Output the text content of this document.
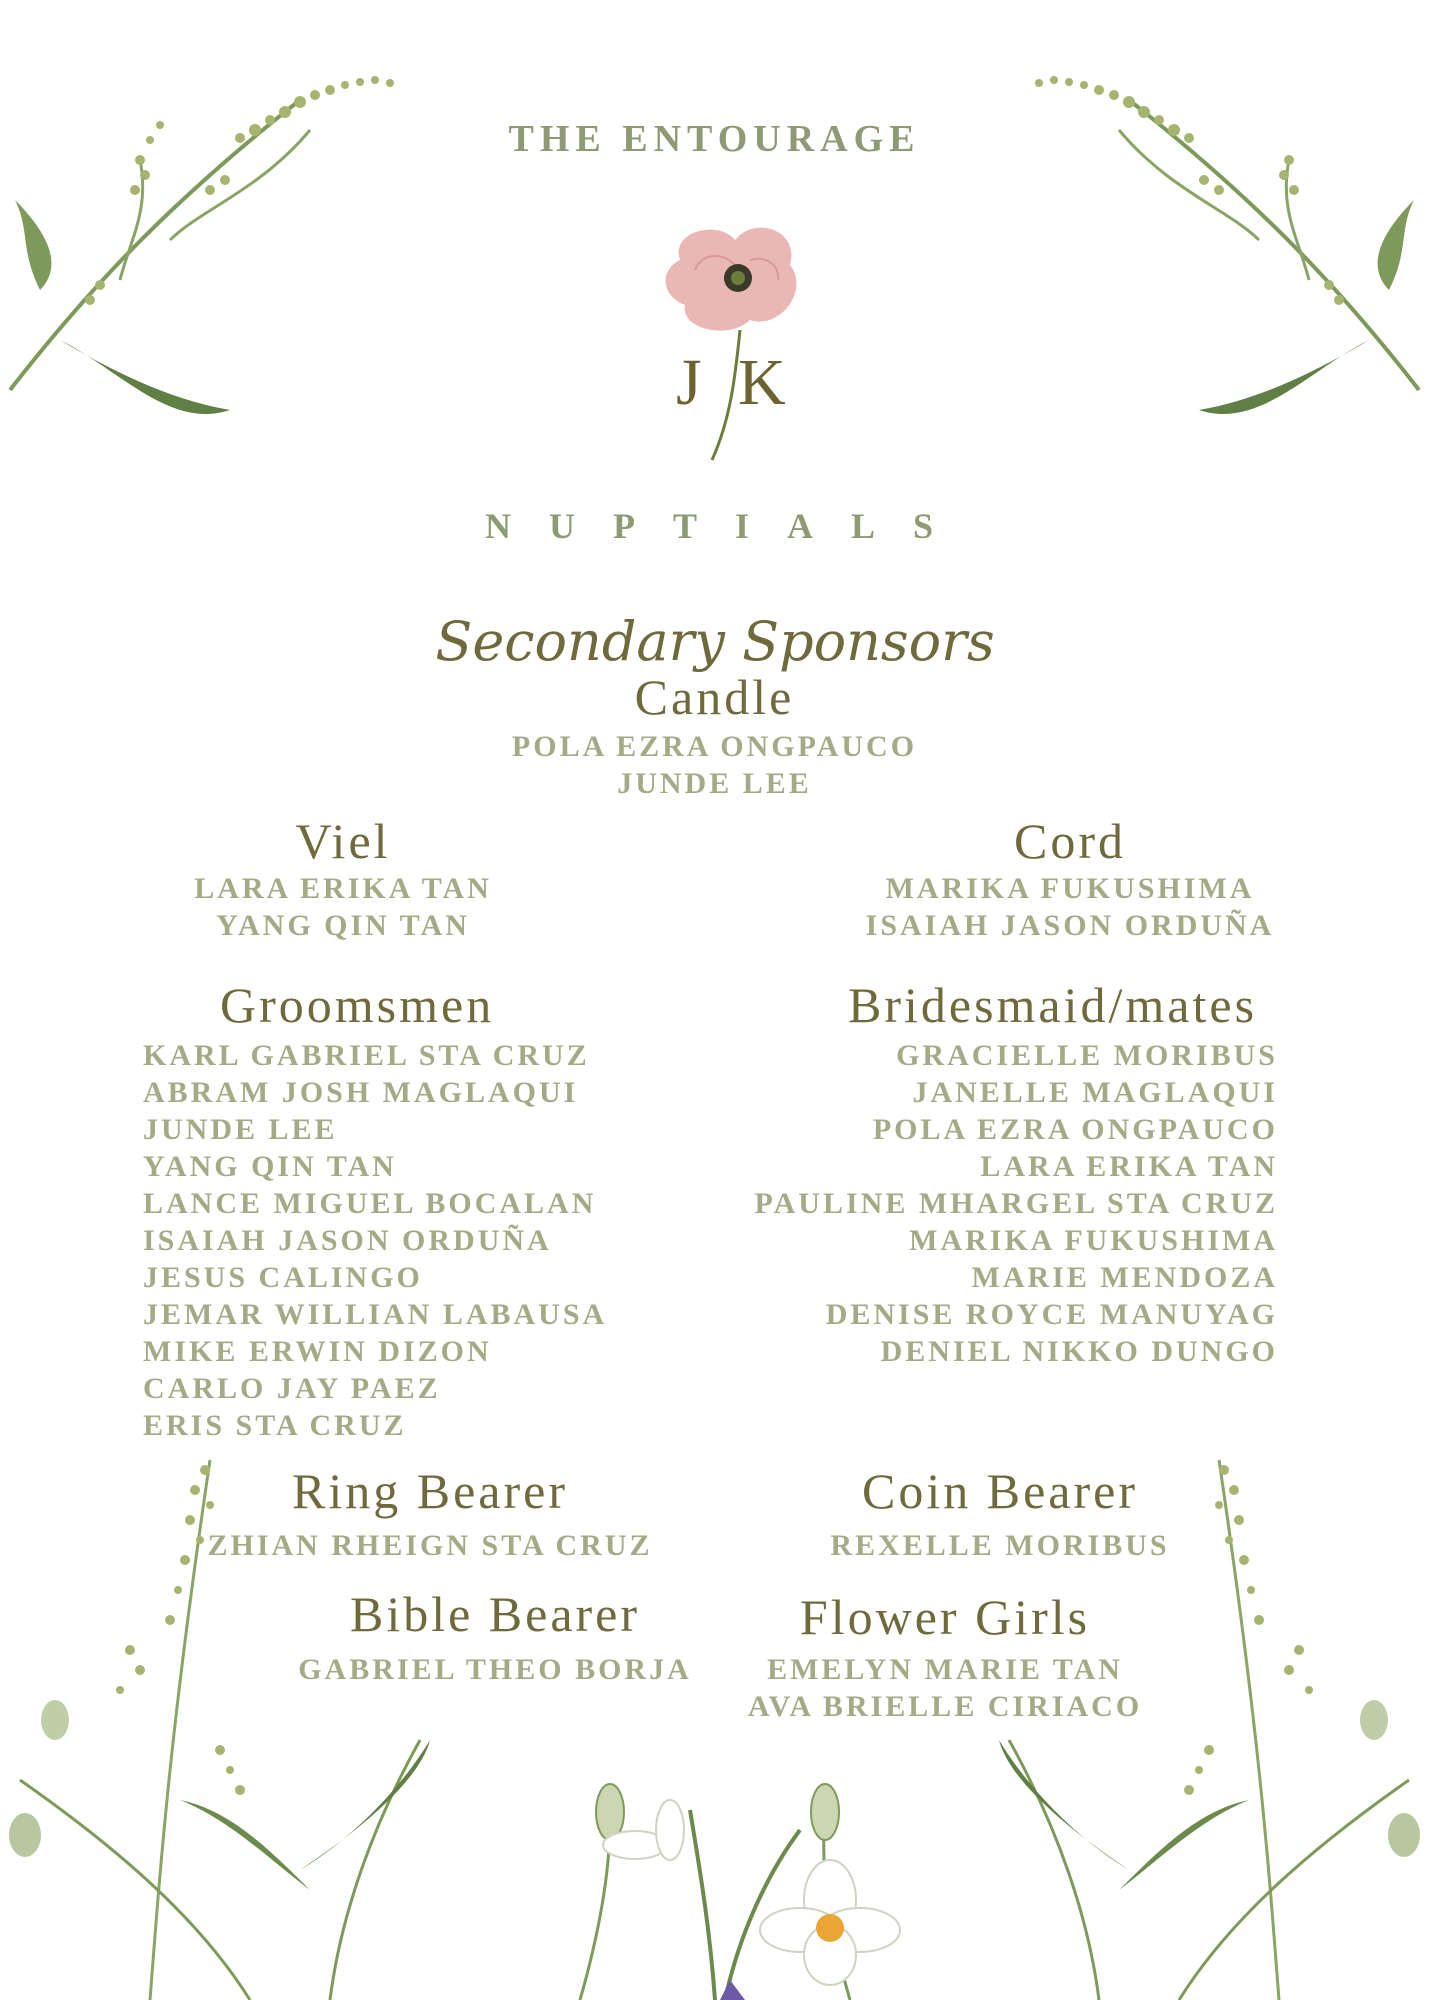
THE ENTOURAGE
J K
NUPTIALS
Secondary Sponsors
Candle
POLA EZRA ONGPAUCO
JUNDE LEE
Viel
LARA ERIKA TAN
YANG QIN TAN
Cord
MARIKA FUKUSHIMA
ISAIAH JASON ORDUÑA
Groomsmen
KARL GABRIEL STA CRUZ
ABRAM JOSH MAGLAQUI
JUNDE LEE
YANG QIN TAN
LANCE MIGUEL BOCALAN
ISAIAH JASON ORDUÑA
JESUS CALINGO
JEMAR WILLIAN LABAUSA
MIKE ERWIN DIZON
CARLO JAY PAEZ
ERIS STA CRUZ
Bridesmaid/mates
GRACIELLE MORIBUS
JANELLE MAGLAQUI
POLA EZRA ONGPAUCO
LARA ERIKA TAN
PAULINE MHARGEL STA CRUZ
MARIKA FUKUSHIMA
MARIE MENDOZA
DENISE ROYCE MANUYAG
DENIEL NIKKO DUNGO
Ring Bearer
ZHIAN RHEIGN STA CRUZ
Coin Bearer
REXELLE MORIBUS
Bible Bearer
GABRIEL THEO BORJA
Flower Girls
EMELYN MARIE TAN
AVA BRIELLE CIRIACO
